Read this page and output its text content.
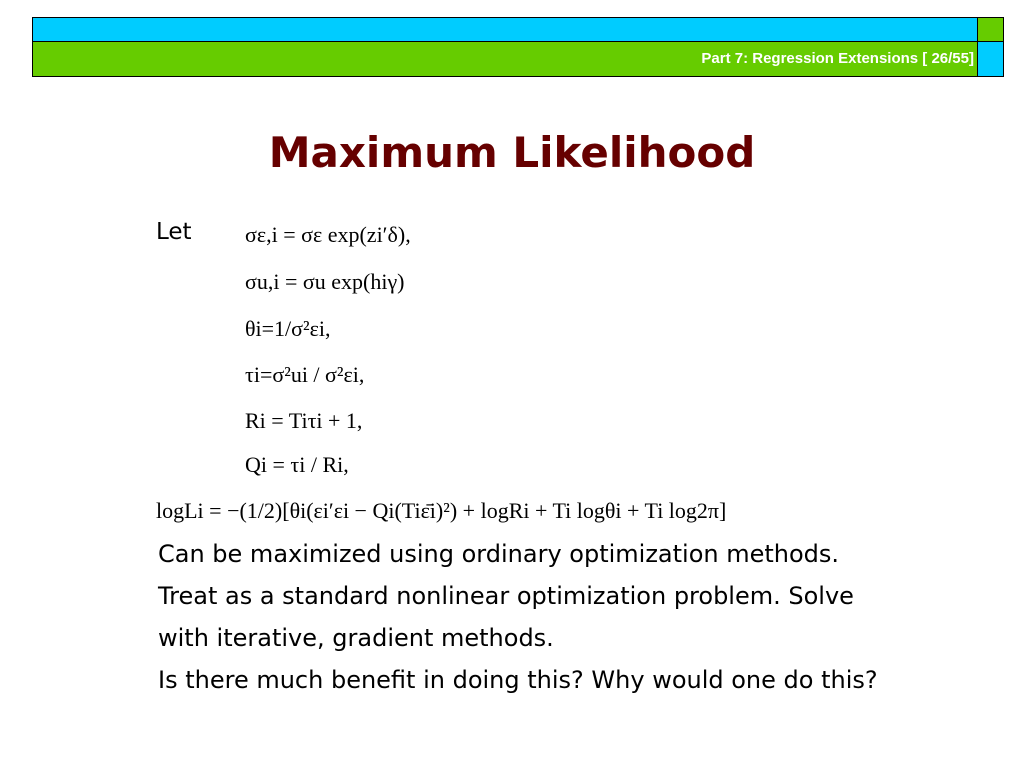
Part 7: Regression Extensions [ 26/55]
Maximum Likelihood
Let σε,i = σε exp(zi′δ),
σu,i = σu exp(hiγ)
θi=1/σ²εi,
τi=σ²ui / σ²εi,
Ri = Tiτi + 1,
Qi = τi / Ri,
logLi = −(1/2)[θi(εi′εi − Qi(Tiε̄i)²) + logRi + Ti logθi + Ti log2π]
Can be maximized using ordinary optimization methods.
Treat as a standard nonlinear optimization problem. Solve
with iterative, gradient methods.
Is there much benefit in doing this? Why would one do this?
